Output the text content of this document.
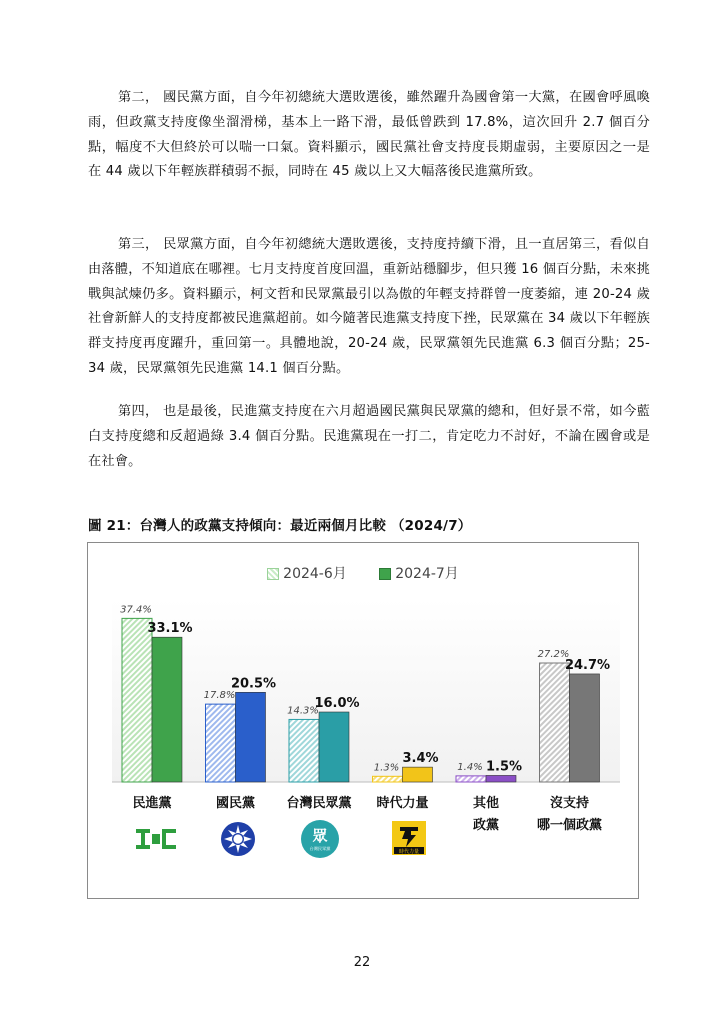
第二， 國民黨方面，自今年初總統大選敗選後，雖然躍升為國會第一大黨，在國會呼風喚雨，但政黨支持度像坐溜滑梯，基本上一路下滑，最低曾跌到 17.8%，這次回升 2.7 個百分點，幅度不大但終於可以喘一口氣。資料顯示，國民黨社會支持度長期虛弱，主要原因之一是在 44 歲以下年輕族群積弱不振，同時在 45 歲以上又大幅落後民進黨所致。

第三， 民眾黨方面，自今年初總統大選敗選後，支持度持續下滑，且一直居第三，看似自由落體，不知道底在哪裡。七月支持度首度回溫，重新站穩腳步，但只獲 16 個百分點，未來挑戰與試煉仍多。資料顯示，柯文哲和民眾黨最引以為傲的年輕支持群曾一度萎縮，連 20-24 歲社會新鮮人的支持度都被民進黨超前。如今隨著民進黨支持度下挫，民眾黨在 34 歲以下年輕族群支持度再度躍升，重回第一。具體地說，20-24 歲，民眾黨領先民進黨 6.3 個百分點；25-34 歲，民眾黨領先民進黨 14.1 個百分點。

第四， 也是最後，民進黨支持度在六月超過國民黨與民眾黨的總和，但好景不常，如今藍白支持度總和反超過綠 3.4 個百分點。民進黨現在一打二，肯定吃力不討好，不論在國會或是在社會。

圖 21：台灣人的政黨支持傾向：最近兩個月比較 （2024/7）
2024-6月	2024-7月
37.4%
33.1%
17.8%
20.5%
14.3%
16.0%
1.3%
3.4%
1.4% 1.5%
27.2%
24.7%
民進黨	國民黨	台灣民眾黨	時代力量	其他
政黨
沒支持
哪一個政黨
DPP
KMT
眾
台灣民眾黨
時代力量
22
